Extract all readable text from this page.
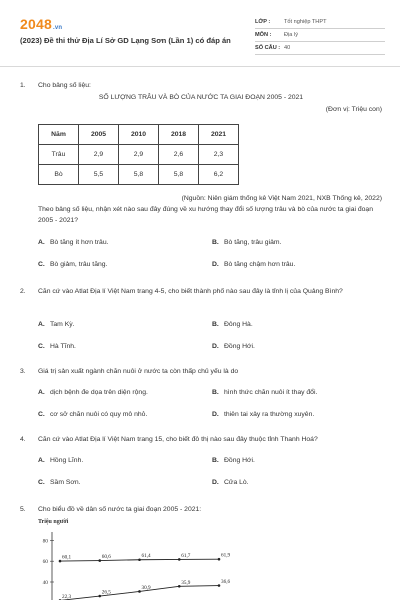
2048.vn
(2023) Đề thi thử Địa Lí Sở GD Lạng Sơn (Lần 1) có đáp án
LỚP :	Tốt nghiệp THPT
MÔN :	Địa lý
SỐ CÂU : 40
1. Cho bảng số liệu:
SỐ LƯỢNG TRÂU VÀ BÒ CỦA NƯỚC TA GIAI ĐOẠN 2005 - 2021
(Đơn vị: Triệu con)
Năm	2005	2010	2018	2021
Trâu	2,9	2,9	2,6	2,3
Bò	5,5	5,8	5,8	6,2
(Nguồn: Niên giám thống kê Việt Nam 2021, NXB Thống kê, 2022)
Theo bảng số liệu, nhận xét nào sau đây đúng về xu hướng thay đổi số lượng trâu và bò của nước ta giai đoạn 2005 - 2021?
A. Bò tăng ít hơn trâu.	B. Bò tăng, trâu giảm.
C. Bò giảm, trâu tăng.	D. Bò tăng chậm hơn trâu.
2. Căn cứ vào Atlat Địa lí Việt Nam trang 4-5, cho biết thành phố nào sau đây là tỉnh lị của Quảng Bình?
A. Tam Kỳ.	B. Đông Hà.
C. Hà Tĩnh.	D. Đồng Hới.
3. Giá trị sản xuất ngành chăn nuôi ở nước ta còn thấp chủ yếu là do
A. dịch bệnh đe dọa trên diện rộng.	B. hình thức chăn nuôi ít thay đổi.
C. cơ sở chăn nuôi có quy mô nhỏ.	D. thiên tai xảy ra thường xuyên.
4. Căn cứ vào Atlat Địa lí Việt Nam trang 15, cho biết đô thị nào sau đây thuộc tỉnh Thanh Hoá?
A. Hồng Lĩnh.	B. Đồng Hới.
C. Sầm Sơn.	D. Cửa Lò.
5. Cho biểu đồ về dân số nước ta giai đoạn 2005 - 2021:
Triệu người
40
60
80
60,1	60,6	61,4	61,7	61,9
22,3
26,5
30,9
35,9	36,6
